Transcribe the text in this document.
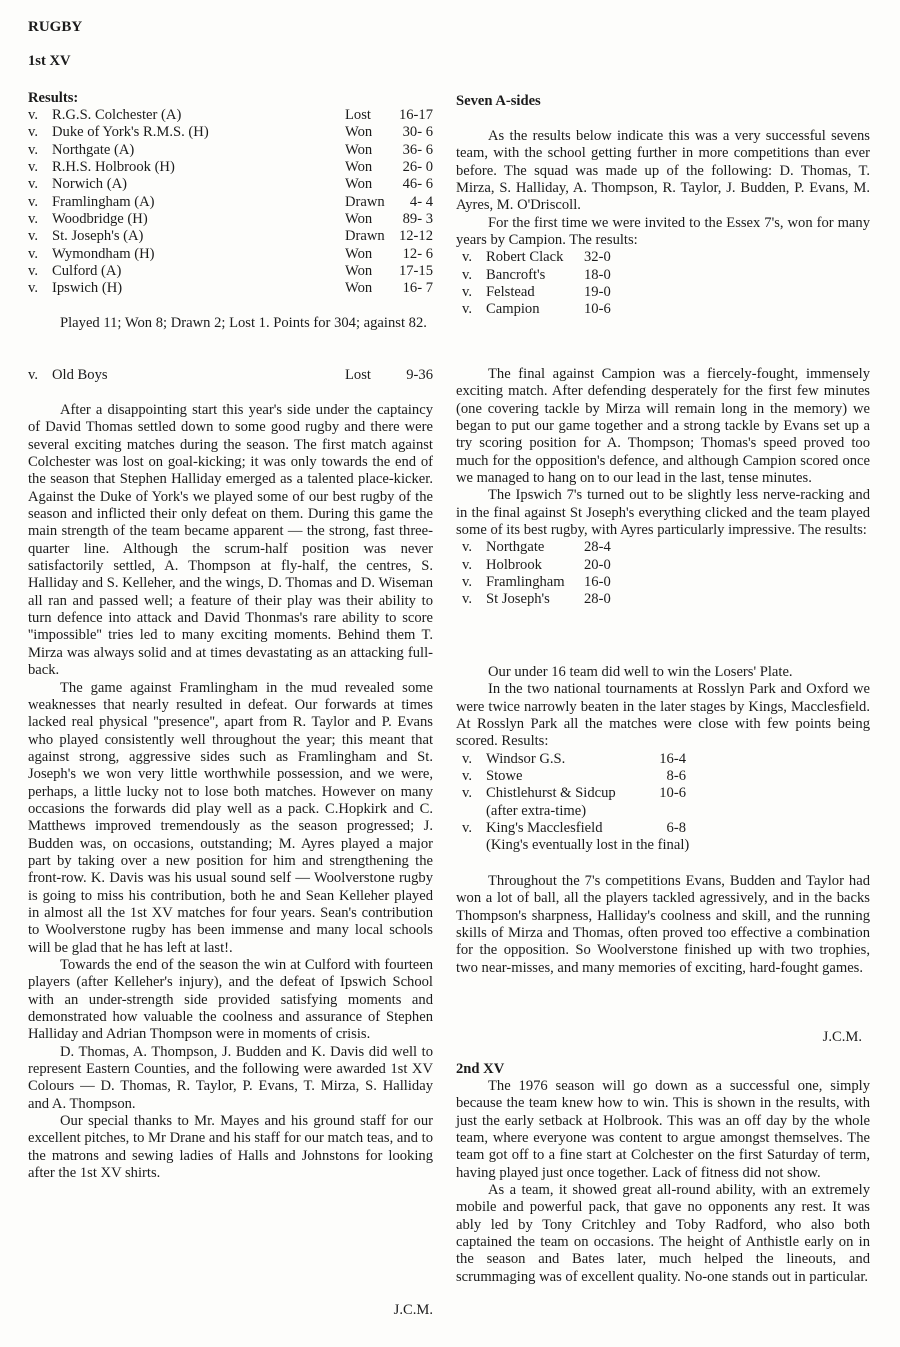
RUGBY
1st XV
Results:
v. R.G.S. Colchester (A)	Lost	16-17
v. Duke of York's R.M.S. (H)	Won	30- 6
v. Northgate (A)	Won	36- 6
v. R.H.S. Holbrook (H)	Won	26- 0
v. Norwich (A)	Won	46- 6
v. Framlingham (A)	Drawn	4- 4
v. Woodbridge (H)	Won	89- 3
v. St. Joseph's (A)	Drawn 12-12
v. Wymondham (H)	Won	12- 6
v. Culford (A)	Won	17-15
v. Ipswich (H)	Won	16- 7

Played 11; Won 8; Drawn 2; Lost 1. Points for 304; against 82.

v. Old Boys	Lost	9-36

After a disappointing start this year's side under the captaincy of David Thomas settled down to some good rugby and there were several exciting matches during the season. The first match against Colchester was lost on goal-kicking; it was only towards the end of the season that Stephen Halliday emerged as a talented place-kicker. Against the Duke of York's we played some of our best rugby of the season and inflicted their only defeat on them. During this game the main strength of the team became apparent — the strong, fast three-quarter line. Although the scrum-half position was never satisfactorily settled, A. Thompson at fly-half, the centres, S. Halliday and S. Kelleher, and the wings, D. Thomas and D. Wiseman all ran and passed well; a feature of their play was their ability to turn defence into attack and David Thonmas's rare ability to score ''impossible'' tries led to many exciting moments. Behind them T. Mirza was always solid and at times devastating as an attacking full-back.

The game against Framlingham in the mud revealed some weaknesses that nearly resulted in defeat. Our forwards at times lacked real physical ''presence'', apart from R. Taylor and P. Evans who played consistently well throughout the year; this meant that against strong, aggressive sides such as Framlingham and St. Joseph's we won very little worthwhile possession, and we were, perhaps, a little lucky not to lose both matches. However on many occasions the forwards did play well as a pack. C.Hopkirk and C. Matthews improved tremendously as the season progressed; J. Budden was, on occasions, outstanding; M. Ayres played a major part by taking over a new position for him and strengthening the front-row. K. Davis was his usual sound self — Woolverstone rugby is going to miss his contribution, both he and Sean Kelleher played in almost all the 1st XV matches for four years. Sean's contribution to Woolverstone rugby has been immense and many local schools will be glad that he has left at last!.

Towards the end of the season the win at Culford with fourteen players (after Kelleher's injury), and the defeat of Ipswich School with an under-strength side provided satisfying moments and demonstrated how valuable the coolness and assurance of Stephen Halliday and Adrian Thompson were in moments of crisis.

D. Thomas, A. Thompson, J. Budden and K. Davis did well to represent Eastern Counties, and the following were awarded 1st XV Colours — D. Thomas, R. Taylor, P. Evans, T. Mirza, S. Halliday and A. Thompson.

Our special thanks to Mr. Mayes and his ground staff for our excellent pitches, to Mr Drane and his staff for our match teas, and to the matrons and sewing ladies of Halls and Johnstons for looking after the 1st XV shirts.

J.C.M.
Seven A-sides

As the results below indicate this was a very successful sevens team, with the school getting further in more competitions than ever before. The squad was made up of the following: D. Thomas, T. Mirza, S. Halliday, A. Thompson, R. Taylor, J. Budden, P. Evans, M. Ayres, M. O'Driscoll.

For the first time we were invited to the Essex 7's, won for many years by Campion. The results:

v. Robert Clack	32-0
v. Bancroft's	18-0
v. Felstead	19-0
v. Campion	10-6

The final against Campion was a fiercely-fought, immensely exciting match. After defending desperately for the first few minutes (one covering tackle by Mirza will remain long in the memory) we began to put our game together and a strong tackle by Evans set up a try scoring position for A. Thompson; Thomas's speed proved too much for the opposition's defence, and although Campion scored once we managed to hang on to our lead in the last, tense minutes.

The Ipswich 7's turned out to be slightly less nerve-racking and in the final against St Joseph's everything clicked and the team played some of its best rugby, with Ayres particularly impressive. The results:

v. Northgate	28-4
v. Holbrook	20-0
v. Framlingham	16-0
v. St Joseph's	28-0

Our under 16 team did well to win the Losers' Plate.

In the two national tournaments at Rosslyn Park and Oxford we were twice narrowly beaten in the later stages by Kings, Macclesfield. At Rosslyn Park all the matches were close with few points being scored. Results:

v. Windsor G.S.	16-4
v. Stowe	8-6
v. Chistlehurst & Sidcup	10-6
(after extra-time)
v. King's Macclesfield	6-8
(King's eventually lost in the final)

Throughout the 7's competitions Evans, Budden and Taylor had won a lot of ball, all the players tackled agressively, and in the backs Thompson's sharpness, Halliday's coolness and skill, and the running skills of Mirza and Thomas, often proved too effective a combination for the opposition. So Woolverstone finished up with two trophies, two near-misses, and many memories of exciting, hard-fought games.

J.C.M.
2nd XV

The 1976 season will go down as a successful one, simply because the team knew how to win. This is shown in the results, with just the early setback at Holbrook. This was an off day by the whole team, where everyone was content to argue amongst themselves. The team got off to a fine start at Colchester on the first Saturday of term, having played just once together. Lack of fitness did not show.

As a team, it showed great all-round ability, with an extremely mobile and powerful pack, that gave no opponents any rest. It was ably led by Tony Critchley and Toby Radford, who also both captained the team on occasions. The height of Anthistle early on in the season and Bates later, much helped the lineouts, and scrummaging was of excellent quality. No-one stands out in particular.
